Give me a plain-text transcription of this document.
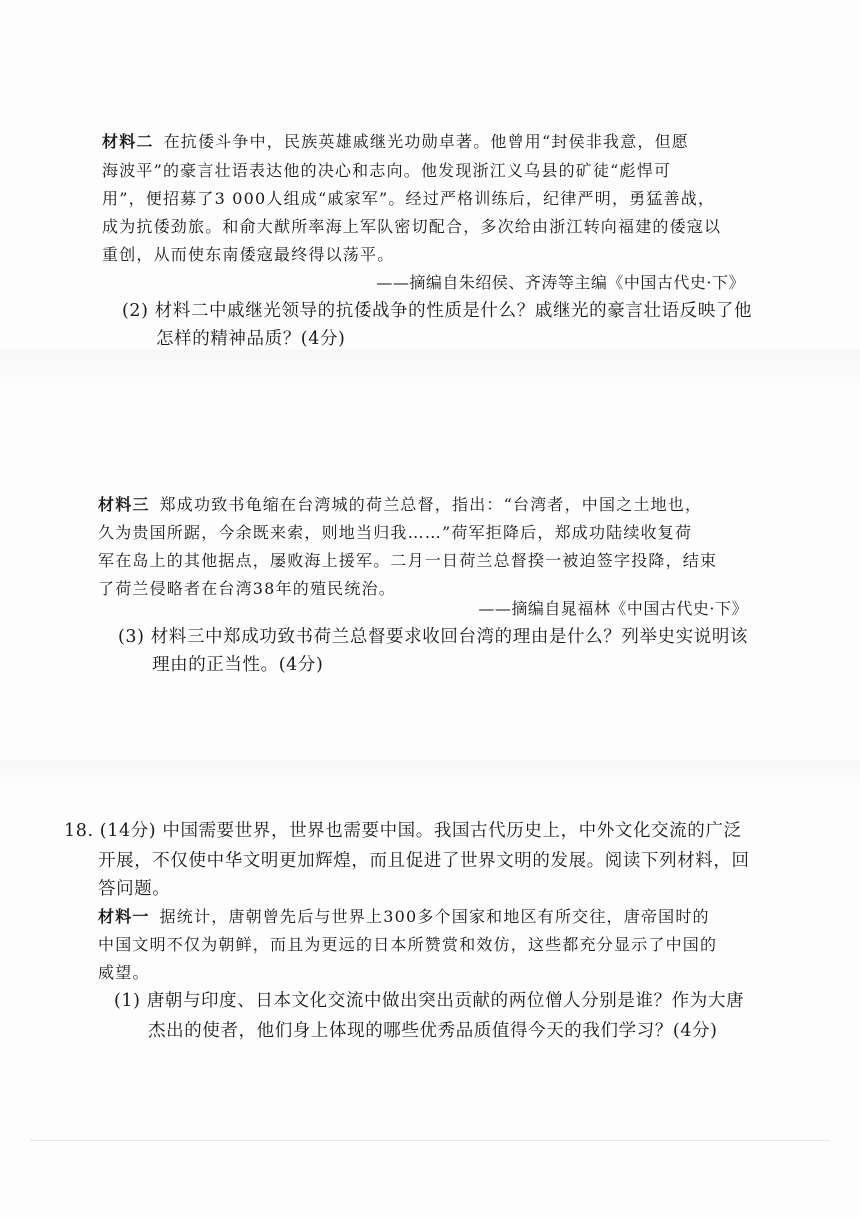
材料二 在抗倭斗争中，民族英雄戚继光功勋卓著。他曾用“封侯非我意，但愿
海波平”的豪言壮语表达他的决心和志向。他发现浙江义乌县的矿徒“彪悍可
用”，便招募了3 000人组成“戚家军”。经过严格训练后，纪律严明，勇猛善战，
成为抗倭劲旅。和俞大猷所率海上军队密切配合，多次给由浙江转向福建的倭寇以
重创，从而使东南倭寇最终得以荡平。
——摘编自朱绍侯、齐涛等主编《中国古代史·下》
(2) 材料二中戚继光领导的抗倭战争的性质是什么？戚继光的豪言壮语反映了他
怎样的精神品质？(4分)
材料三 郑成功致书龟缩在台湾城的荷兰总督，指出：“台湾者，中国之土地也，
久为贵国所踞，今余既来索，则地当归我……”荷军拒降后，郑成功陆续收复荷
军在岛上的其他据点，屡败海上援军。二月一日荷兰总督揆一被迫签字投降，结束
了荷兰侵略者在台湾38年的殖民统治。
——摘编自晁福林《中国古代史·下》
(3) 材料三中郑成功致书荷兰总督要求收回台湾的理由是什么？列举史实说明该
理由的正当性。(4分)
18. (14分) 中国需要世界，世界也需要中国。我国古代历史上，中外文化交流的广泛
开展，不仅使中华文明更加辉煌，而且促进了世界文明的发展。阅读下列材料，回
答问题。
材料一 据统计，唐朝曾先后与世界上300多个国家和地区有所交往，唐帝国时的
中国文明不仅为朝鲜，而且为更远的日本所赞赏和效仿，这些都充分显示了中国的
威望。
(1) 唐朝与印度、日本文化交流中做出突出贡献的两位僧人分别是谁？作为大唐
杰出的使者，他们身上体现的哪些优秀品质值得今天的我们学习？(4分)
